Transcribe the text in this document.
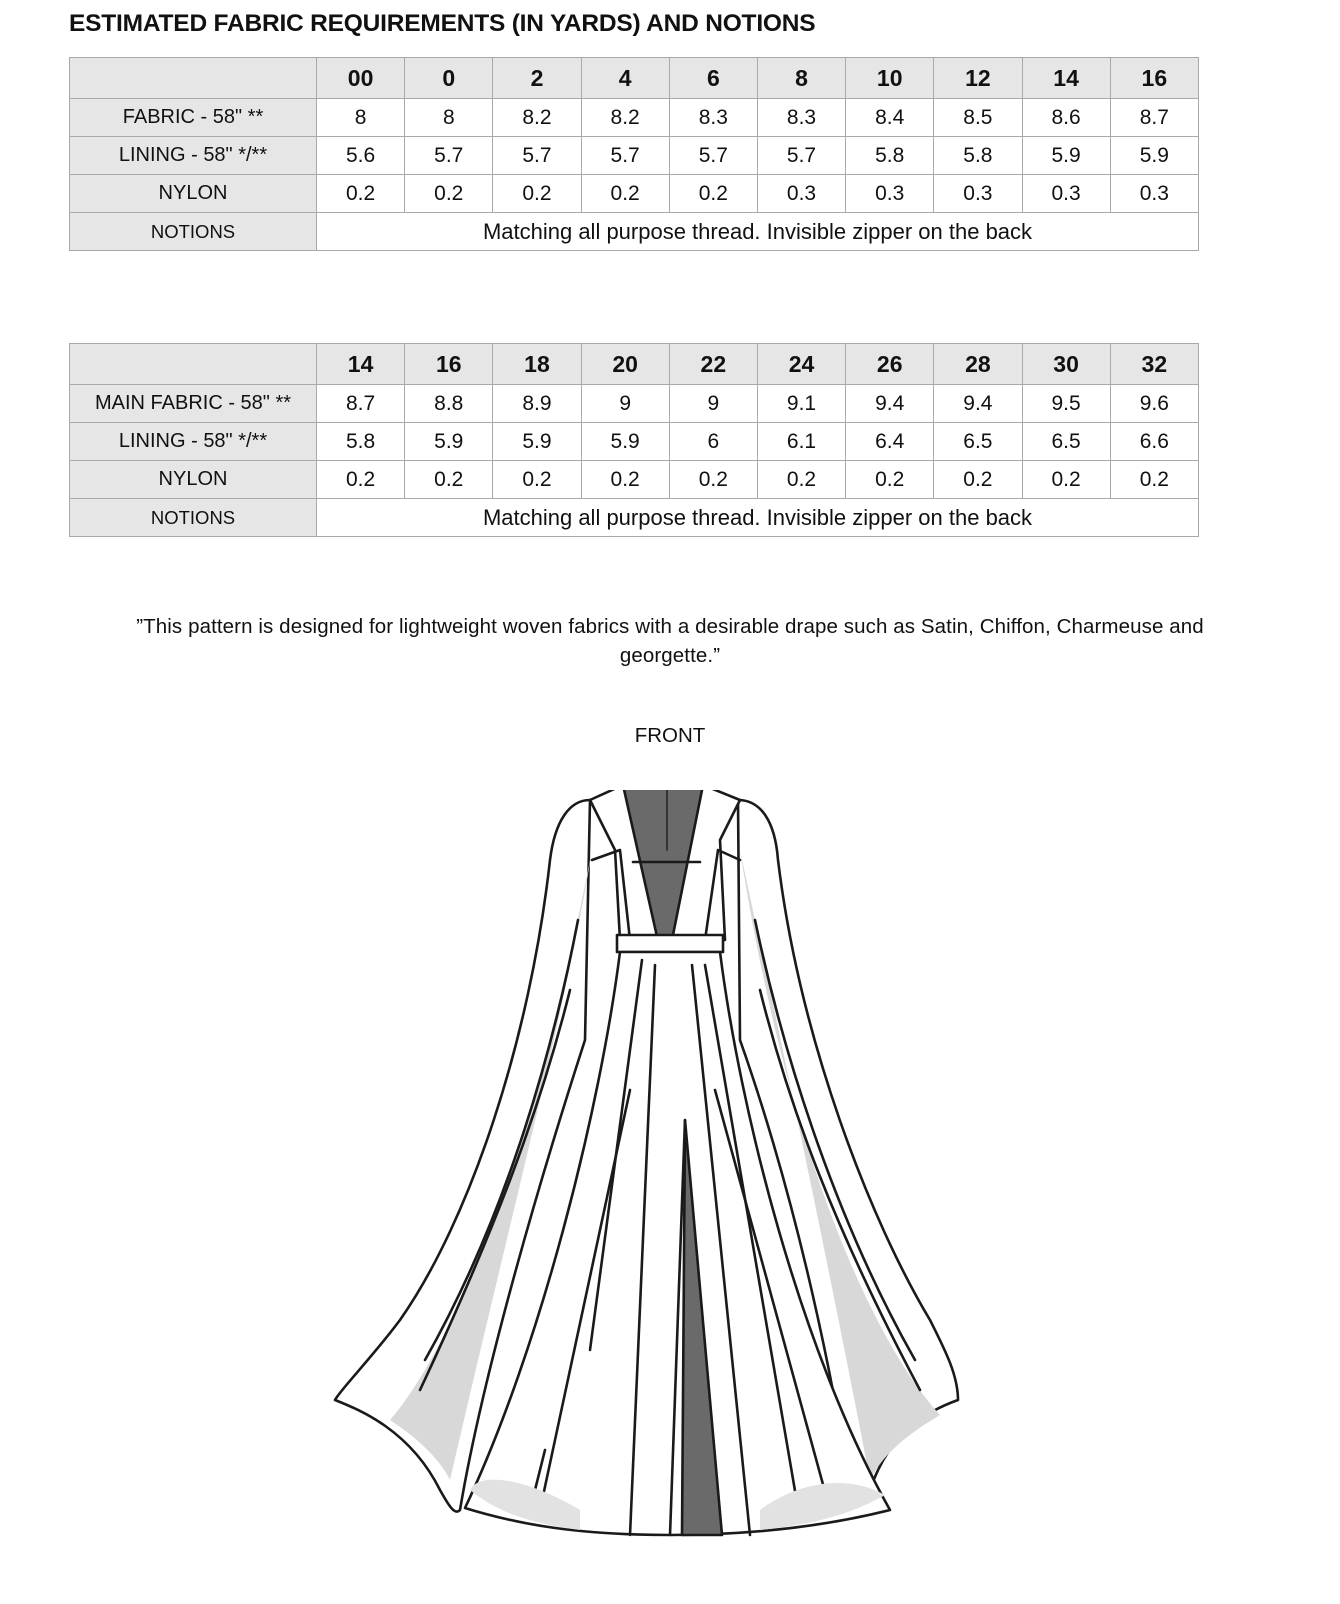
ESTIMATED FABRIC REQUIREMENTS (IN YARDS) AND NOTIONS
	00	0	2	4	6	8	10	12	14	16
FABRIC - 58" **	8	8	8.2	8.2	8.3	8.3	8.4	8.5	8.6	8.7
LINING - 58" */**	5.6	5.7	5.7	5.7	5.7	5.7	5.8	5.8	5.9	5.9
NYLON	0.2	0.2	0.2	0.2	0.2	0.3	0.3	0.3	0.3	0.3
NOTIONS	Matching all purpose thread. Invisible zipper on the back									
	14	16	18	20	22	24	26	28	30	32
MAIN FABRIC - 58" **	8.7	8.8	8.9	9	9	9.1	9.4	9.4	9.5	9.6
LINING - 58" */**	5.8	5.9	5.9	5.9	6	6.1	6.4	6.5	6.5	6.6
NYLON	0.2	0.2	0.2	0.2	0.2	0.2	0.2	0.2	0.2	0.2
NOTIONS	Matching all purpose thread. Invisible zipper on the back									
”This pattern is designed for lightweight woven fabrics with a desirable drape such as Satin, Chiffon, Charmeuse and georgette.”
FRONT
